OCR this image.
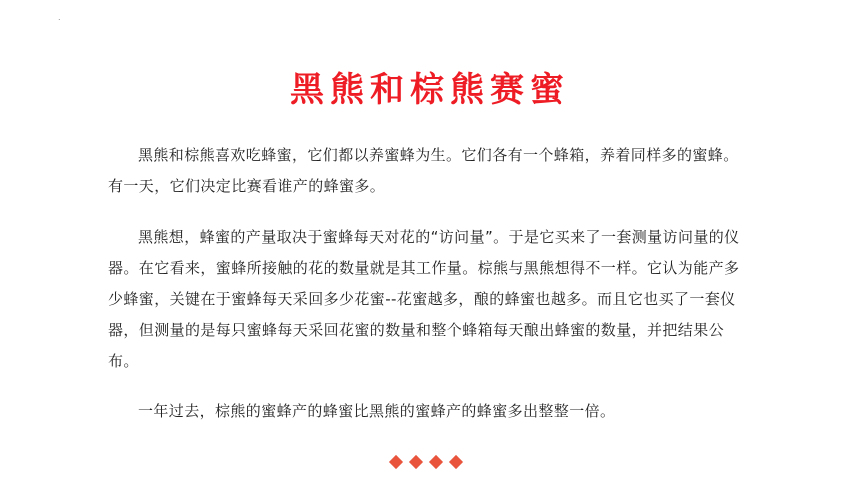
.
黑熊和棕熊赛蜜

黑熊和棕熊喜欢吃蜂蜜，它们都以养蜜蜂为生。它们各有一个蜂箱，养着同样多的蜜蜂。有一天，它们决定比赛看谁产的蜂蜜多。

黑熊想，蜂蜜的产量取决于蜜蜂每天对花的“访问量”。于是它买来了一套测量访问量的仪器。在它看来，蜜蜂所接触的花的数量就是其工作量。棕熊与黑熊想得不一样。它认为能产多少蜂蜜，关键在于蜜蜂每天采回多少花蜜--花蜜越多，酿的蜂蜜也越多。而且它也买了一套仪器，但测量的是每只蜜蜂每天采回花蜜的数量和整个蜂箱每天酿出蜂蜜的数量，并把结果公布。

一年过去，棕熊的蜜蜂产的蜂蜜比黑熊的蜜蜂产的蜂蜜多出整整一倍。
